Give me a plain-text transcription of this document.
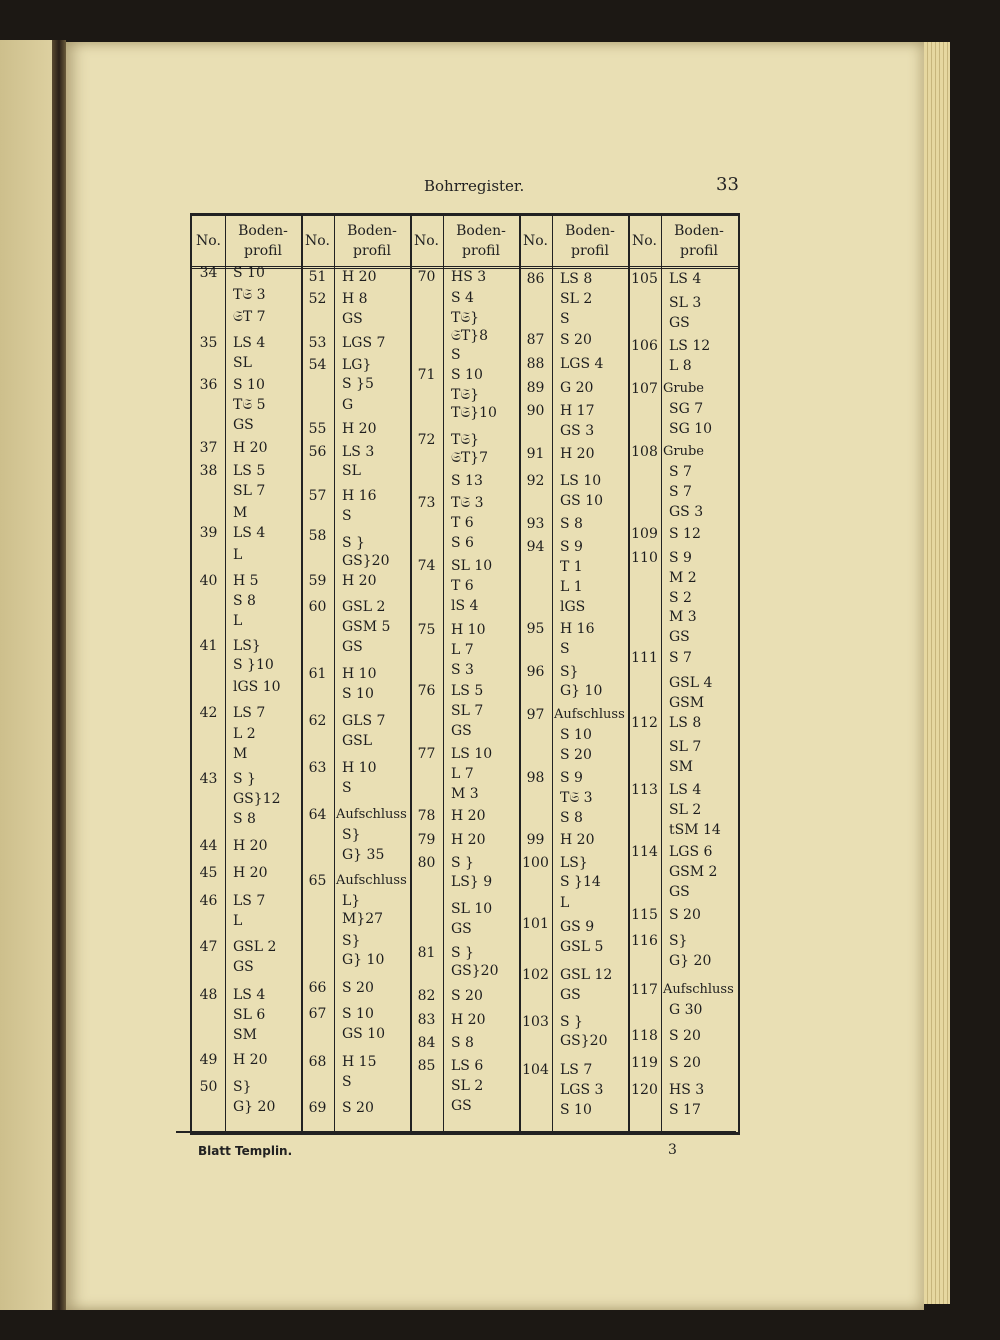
Bohrregister.	33
No.
Boden-
profil
34
35
36
37
38
39
40
41
42
43
44
45
46
47
48
49
50
S 10
T𝔖 3
𝔖T 7
LS 4
SL
S 10
T𝔖 5
GS
H 20
LS 5
SL 7
M
LS 4
L
H 5
S 8
L
LS}
S }10
lGS 10
LS 7
L 2
M
S }
GS}12
S 8
H 20
H 20
LS 7
L
GSL 2
GS
LS 4
SL 6
SM
H 20
S}
G} 20
No.
Boden-
profil
51
52
53
54
55
56
57
58
59
60
61
62
63
64
65
66
67
68
69
H 20
H 8
GS
LGS 7
LG}
S }5
G
H 20
LS 3
SL
H 16
S
S }
GS}20
H 20
GSL 2
GSM 5
GS
H 10
S 10
GLS 7
GSL
H 10
S
Aufschluss
S}
G} 35
Aufschluss
L}
M}27
S}
G} 10
S 20
S 10
GS 10
H 15
S
S 20
No.
Boden-
profil
70
71
72
73
74
75
76
77
78
79
80
81
82
83
84
85
HS 3
S 4
T𝔖}
𝔖T}8
S
S 10
T𝔖}
T𝔖}10
T𝔖}
𝔖T}7
S 13
T𝔖 3
T 6
S 6
SL 10
T 6
lS 4
H 10
L 7
S 3
LS 5
SL 7
GS
LS 10
L 7
M 3
H 20
H 20
S }
LS} 9
SL 10
GS
S }
GS}20
S 20
H 20
S 8
LS 6
SL 2
GS
No.
Boden-
profil
86
87
88
89
90
91
92
93
94
95
96
97
98
99
100
101
102
103
104
LS 8
SL 2
S
S 20
LGS 4
G 20
H 17
GS 3
H 20
LS 10
GS 10
S 8
S 9
T 1
L 1
lGS
H 16
S
S}
G} 10
Aufschluss
S 10
S 20
S 9
T𝔖 3
S 8
H 20
LS}
S }14
L
GS 9
GSL 5
GSL 12
GS
S }
GS}20
LS 7
LGS 3
S 10
No.
Boden-
profil
105
106
107
108
109
110
111
112
113
114
115
116
117
118
119
120
LS 4
SL 3
GS
LS 12
L 8
Grube
SG 7
SG 10
Grube
S 7
S 7
GS 3
S 12
S 9
M 2
S 2
M 3
GS
S 7
GSL 4
GSM
LS 8
SL 7
SM
LS 4
SL 2
tSM 14
LGS 6
GSM 2
GS
S 20
S}
G} 20
Aufschluss
G 30
S 20
S 20
HS 3
S 17
Blatt Templin.	3
